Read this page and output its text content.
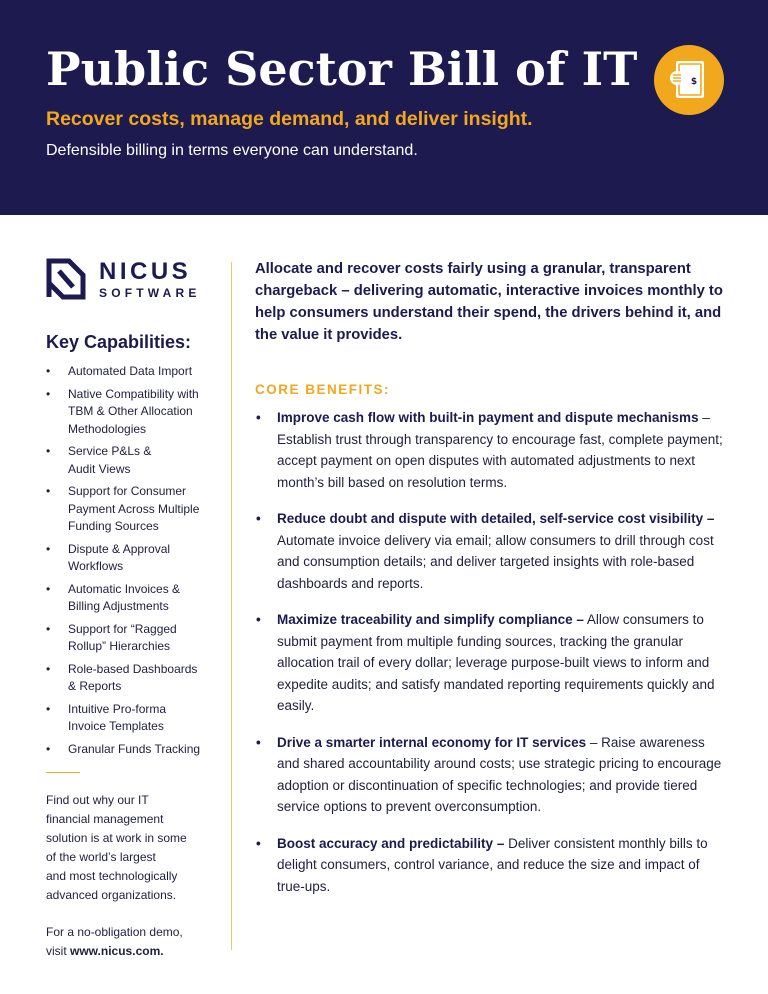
Public Sector Bill of IT
Recover costs, manage demand, and deliver insight.
Defensible billing in terms everyone can understand.
$
NICUS
SOFTWARE
Key Capabilities:
• Automated Data Import
• Native Compatibility with
TBM & Other Allocation
Methodologies
• Service P&Ls &
Audit Views
• Support for Consumer
Payment Across Multiple
Funding Sources
• Dispute & Approval
Workflows
• Automatic Invoices &
Billing Adjustments
• Support for “Ragged
Rollup” Hierarchies
• Role-based Dashboards
& Reports
• Intuitive Pro-forma
Invoice Templates
• Granular Funds Tracking
Find out why our IT
financial management
solution is at work in some
of the world’s largest
and most technologically
advanced organizations.
For a no-obligation demo,
visit www.nicus.com.

Allocate and recover costs fairly using a granular, transparent chargeback – delivering automatic, interactive invoices monthly to help consumers understand their spend, the drivers behind it, and the value it provides.

CORE BENEFITS:
• Improve cash flow with built-in payment and dispute mechanisms – Establish trust through transparency to encourage fast, complete payment; accept payment on open disputes with automated adjustments to next month’s bill based on resolution terms.
• Reduce doubt and dispute with detailed, self-service cost visibility – Automate invoice delivery via email; allow consumers to drill through cost and consumption details; and deliver targeted insights with role-based dashboards and reports.
• Maximize traceability and simplify compliance – Allow consumers to submit payment from multiple funding sources, tracking the granular allocation trail of every dollar; leverage purpose-built views to inform and expedite audits; and satisfy mandated reporting requirements quickly and easily.
• Drive a smarter internal economy for IT services – Raise awareness and shared accountability around costs; use strategic pricing to encourage adoption or discontinuation of specific technologies; and provide tiered service options to prevent overconsumption.
• Boost accuracy and predictability – Deliver consistent monthly bills to delight consumers, control variance, and reduce the size and impact of true-ups.
